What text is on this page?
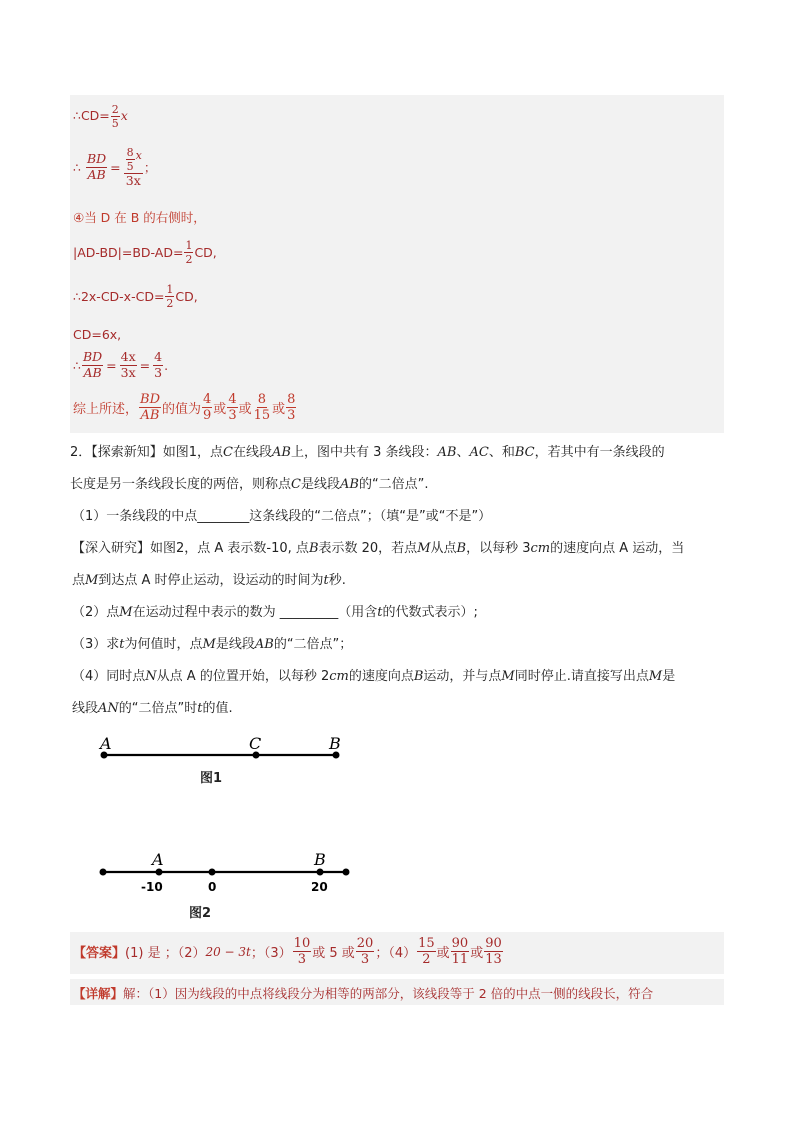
∴CD= $\frac{2}{5}$ x
∴ $\frac{BD}{AB} = \frac{\frac{8}{5} x}{3x}$ ；
④当 D 在 B 的右侧时，
$|AD-BD|=BD-AD= \frac{1}{2}$ CD,
∴2x-CD-x-CD= $\frac{1}{2}$ CD,
CD=6x,
∴ $\frac{BD}{AB} = \frac{4x}{3x} = \frac{4}{3}$ .
综上所述， $\frac{BD}{AB}$ 的值为 $\frac{4}{9}$ 或 $\frac{4}{3}$ 或 $\frac{8}{15}$ 或 $\frac{8}{3}$
2．【探索新知】如图1，点C在线段AB上，图中共有 3 条线段：AB、AC、和BC，若其中有一条线段的
长度是另一条线段长度的两倍，则称点C是线段AB的“二倍点”.
（1）一条线段的中点________这条线段的“二倍点”；（填“是”或“不是”）
【深入研究】如图2，点 A 表示数-10, 点B表示数 20，若点M从点B，以每秒 3cm的速度向点 A 运动，当
点M到达点 A 时停止运动，设运动的时间为t秒.
（2）点M在运动过程中表示的数为 _________（用含t的代数式表示）;
（3）求t为何值时，点M是线段AB的“二倍点”；
（4）同时点N从点 A 的位置开始，以每秒 2cm的速度向点B运动，并与点M同时停止.请直接写出点M是
线段AN的“二倍点”时t的值.
A	C	B
图1
A	B
-10	0	20
图2
【答案】 (1) 是 ；（2） 20 − 3t ；$(3) \frac{10}{3}$ 或 5 或 $\frac{20}{3}$ ；$(4) \frac{15}{2}$ 或 $\frac{90}{11}$ 或 $\frac{90}{13}$
【详解】解：（1）因为线段的中点将线段分为相等的两部分，该线段等于 2 倍的中点一侧的线段长，符合
